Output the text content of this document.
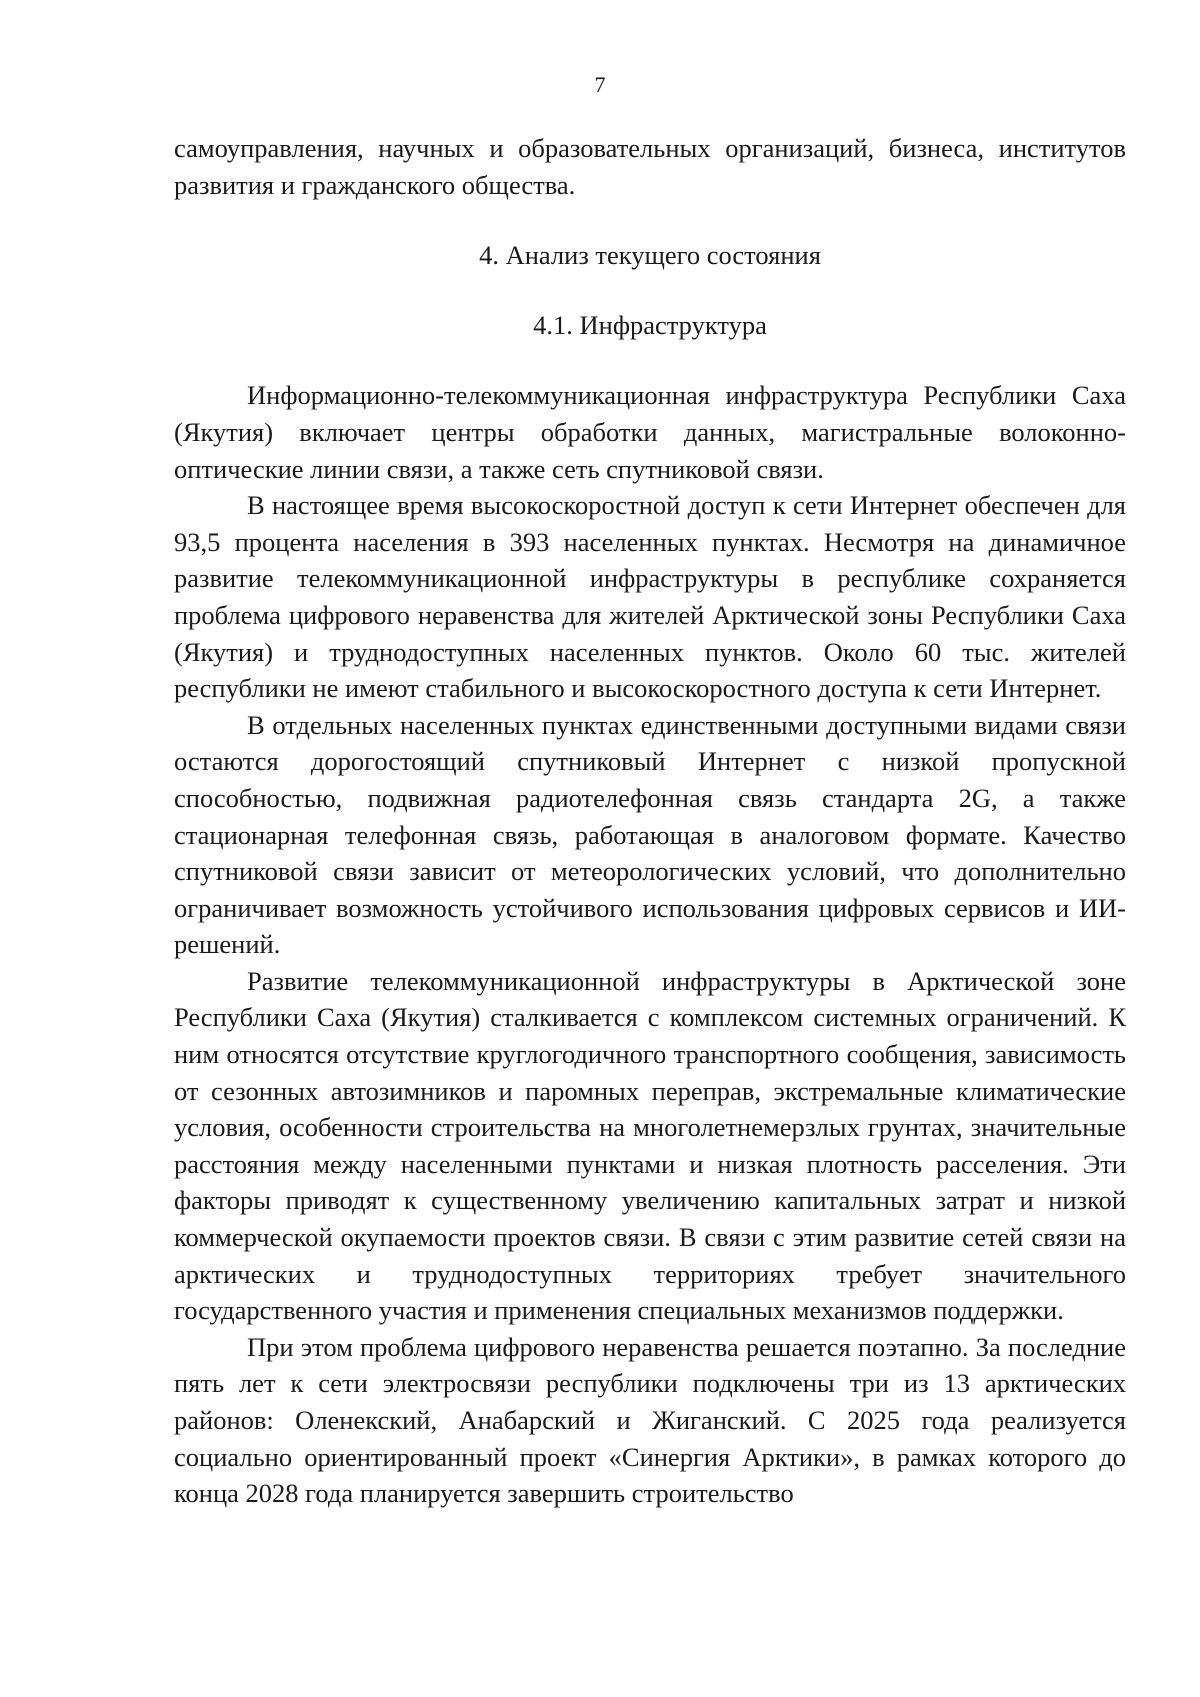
7

самоуправления, научных и образовательных организаций, бизнеса, институтов развития и гражданского общества.

4. Анализ текущего состояния

4.1. Инфраструктура

Информационно-телекоммуникационная инфраструктура Республики Саха (Якутия) включает центры обработки данных, магистральные волоконно-оптические линии связи, а также сеть спутниковой связи.

В настоящее время высокоскоростной доступ к сети Интернет обеспечен для 93,5 процента населения в 393 населенных пунктах. Несмотря на динамичное развитие телекоммуникационной инфраструктуры в республике сохраняется проблема цифрового неравенства для жителей Арктической зоны Республики Саха (Якутия) и труднодоступных населенных пунктов. Около 60 тыс. жителей республики не имеют стабильного и высокоскоростного доступа к сети Интернет.

В отдельных населенных пунктах единственными доступными видами связи остаются дорогостоящий спутниковый Интернет с низкой пропускной способностью, подвижная радиотелефонная связь стандарта 2G, а также стационарная телефонная связь, работающая в аналоговом формате. Качество спутниковой связи зависит от метеорологических условий, что дополнительно ограничивает возможность устойчивого использования цифровых сервисов и ИИ-решений.

Развитие телекоммуникационной инфраструктуры в Арктической зоне Республики Саха (Якутия) сталкивается с комплексом системных ограничений. К ним относятся отсутствие круглогодичного транспортного сообщения, зависимость от сезонных автозимников и паромных переправ, экстремальные климатические условия, особенности строительства на многолетнемерзлых грунтах, значительные расстояния между населенными пунктами и низкая плотность расселения. Эти факторы приводят к существенному увеличению капитальных затрат и низкой коммерческой окупаемости проектов связи. В связи с этим развитие сетей связи на арктических и труднодоступных территориях требует значительного государственного участия и применения специальных механизмов поддержки.

При этом проблема цифрового неравенства решается поэтапно. За последние пять лет к сети электросвязи республики подключены три из 13 арктических районов: Оленекский, Анабарский и Жиганский. С 2025 года реализуется социально ориентированный проект «Синергия Арктики», в рамках которого до конца 2028 года планируется завершить строительство
